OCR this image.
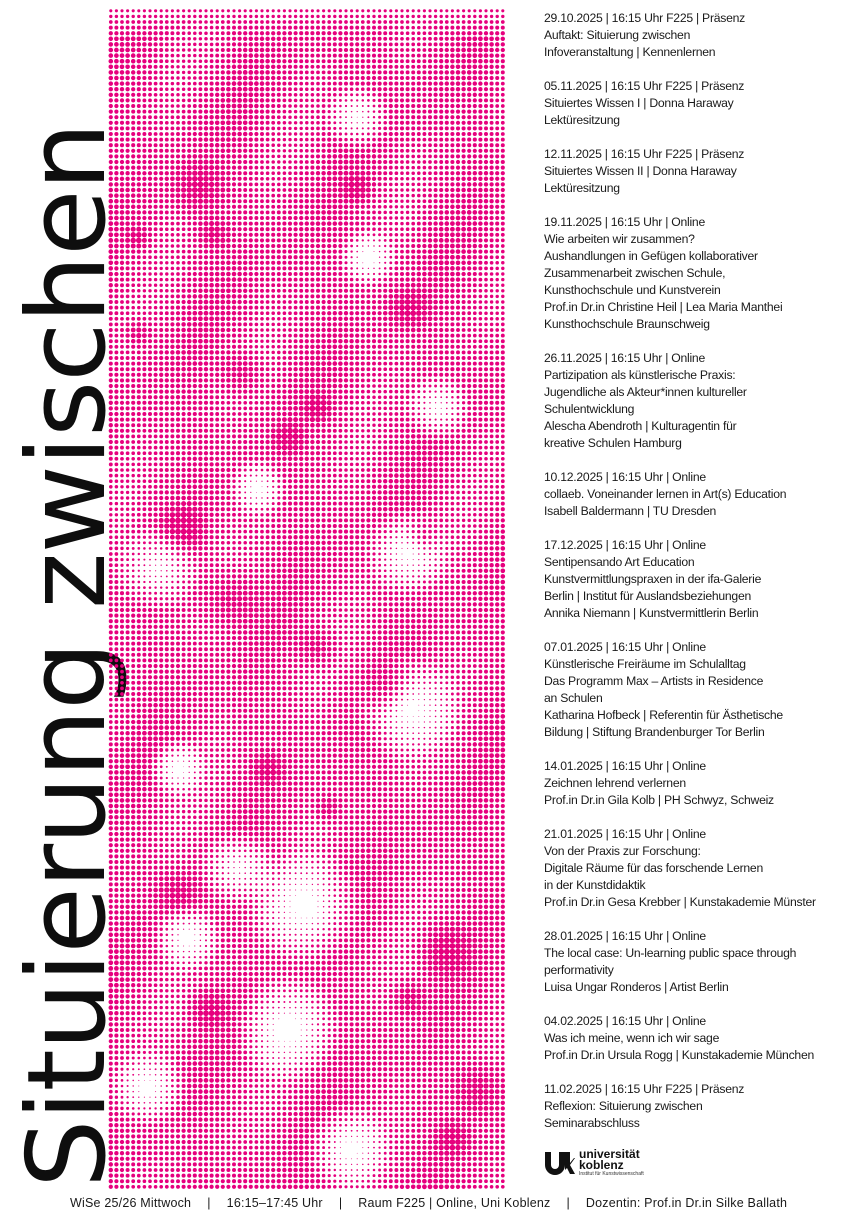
Situierung zwischen
29.10.2025 | 16:15 Uhr F225 | Präsenz
Auftakt: Situierung zwischen
Infoveranstaltung | Kennenlernen
05.11.2025 | 16:15 Uhr F225 | Präsenz
Situiertes Wissen I | Donna Haraway
Lektüresitzung
12.11.2025 | 16:15 Uhr F225 | Präsenz
Situiertes Wissen II | Donna Haraway
Lektüresitzung
19.11.2025 | 16:15 Uhr | Online
Wie arbeiten wir zusammen?
Aushandlungen in Gefügen kollaborativer
Zusammenarbeit zwischen Schule,
Kunsthochschule und Kunstverein
Prof.in Dr.in Christine Heil | Lea Maria Manthei
Kunsthochschule Braunschweig
26.11.2025 | 16:15 Uhr | Online
Partizipation als künstlerische Praxis:
Jugendliche als Akteur*innen kultureller
Schulentwicklung
Alescha Abendroth | Kulturagentin für
kreative Schulen Hamburg
10.12.2025 | 16:15 Uhr | Online
collaeb. Voneinander lernen in Art(s) Education
Isabell Baldermann | TU Dresden
17.12.2025 | 16:15 Uhr | Online
Sentipensando Art Education
Kunstvermittlungspraxen in der ifa-Galerie
Berlin | Institut für Auslandsbeziehungen
Annika Niemann | Kunstvermittlerin Berlin
07.01.2025 | 16:15 Uhr | Online
Künstlerische Freiräume im Schulalltag
Das Programm Max – Artists in Residence
an Schulen
Katharina Hofbeck | Referentin für Ästhetische
Bildung | Stiftung Brandenburger Tor Berlin
14.01.2025 | 16:15 Uhr | Online
Zeichnen lehrend verlernen
Prof.in Dr.in Gila Kolb | PH Schwyz, Schweiz
21.01.2025 | 16:15 Uhr | Online
Von der Praxis zur Forschung:
Digitale Räume für das forschende Lernen
in der Kunstdidaktik
Prof.in Dr.in Gesa Krebber | Kunstakademie Münster
28.01.2025 | 16:15 Uhr | Online
The local case: Un-learning public space through
performativity
Luisa Ungar Ronderos | Artist Berlin
04.02.2025 | 16:15 Uhr | Online
Was ich meine, wenn ich wir sage
Prof.in Dr.in Ursula Rogg | Kunstakademie München
11.02.2025 | 16:15 Uhr F225 | Präsenz
Reflexion: Situierung zwischen
Seminarabschluss
universität
koblenz
Institut für Kunstwissenschaft
WiSe 25/26 Mittwoch | 16:15–17:45 Uhr | Raum F225 | Online, Uni Koblenz | Dozentin: Prof.in Dr.in Silke Ballath
